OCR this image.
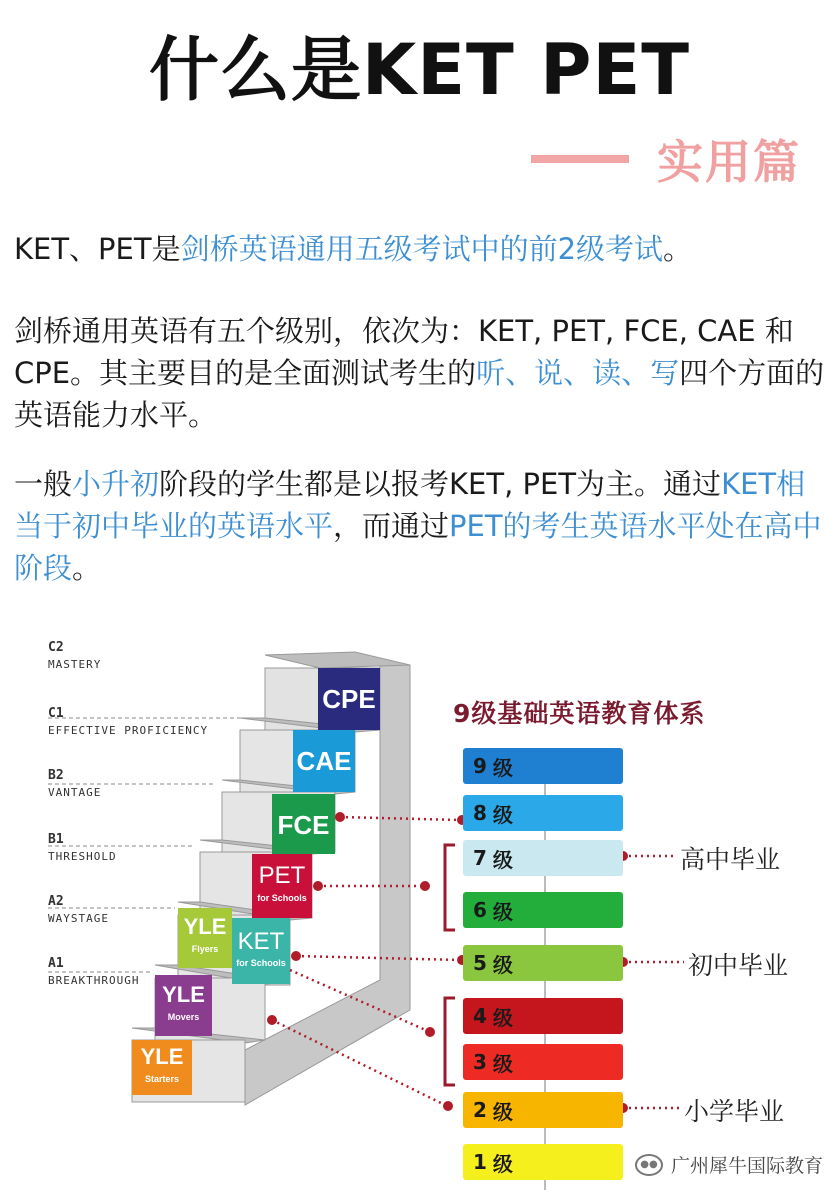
什么是KET PET
实用篇
KET、PET是剑桥英语通用五级考试中的前2级考试。
剑桥通用英语有五个级别，依次为：KET, PET, FCE, CAE 和CPE。其主要目的是全面测试考生的听、说、读、写四个方面的英语能力水平。
一般小升初阶段的学生都是以报考KET, PET为主。通过KET相当于初中毕业的英语水平，而通过PET的考生英语水平处在高中阶段。
C2
MASTERY
C1
EFFECTIVE PROFICIENCY
B2
VANTAGE
B1
THRESHOLD
A2
WAYSTAGE
A1
BREAKTHROUGH
CPE
CAE
FCE
PET
for Schools
KET
for Schools
YLE
Flyers
YLE
Movers
YLE
Starters
9级基础英语教育体系
9 级
8 级
7 级
6 级
5 级
4 级
3 级
2 级
1 级
高中毕业
初中毕业
小学毕业
●● 广州犀牛国际教育
